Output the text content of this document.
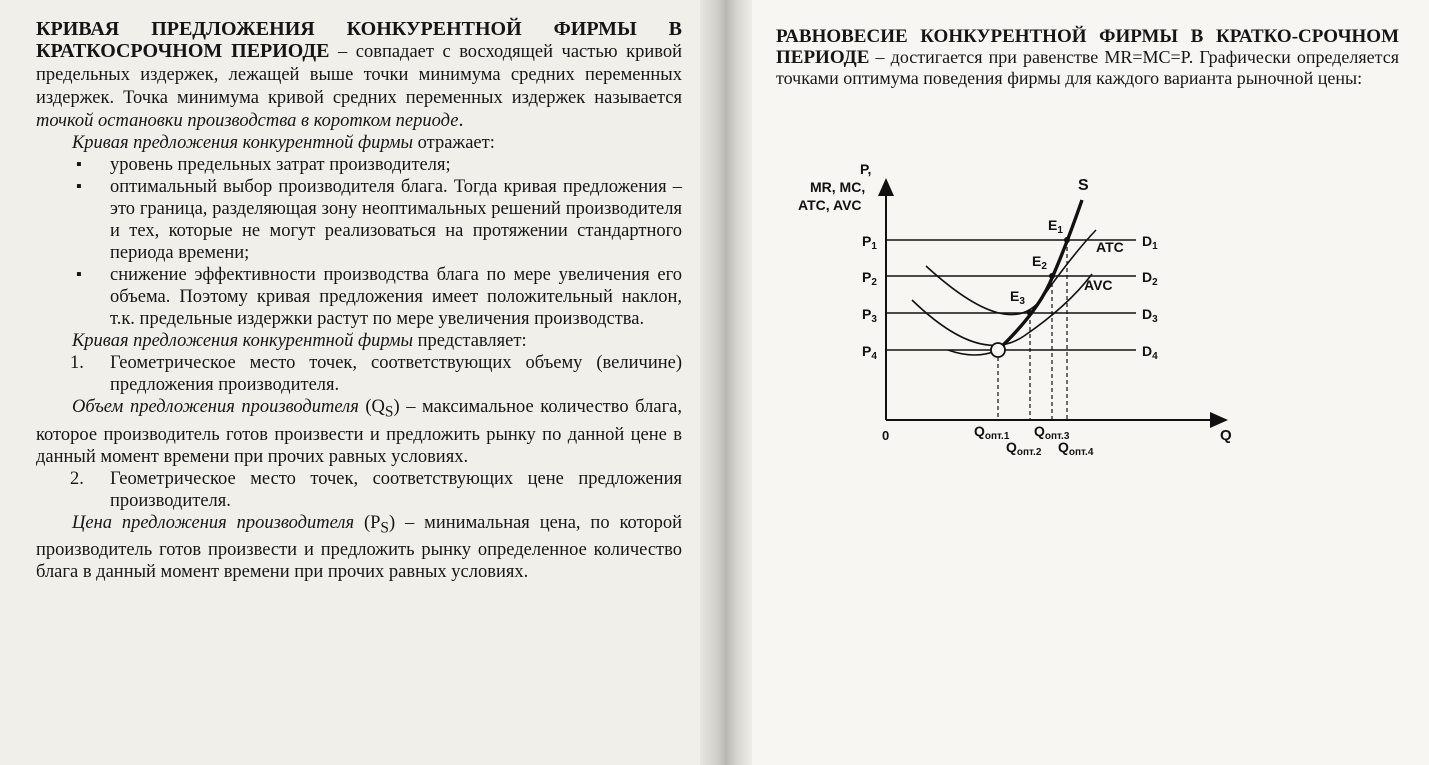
КРИВАЯ ПРЕДЛОЖЕНИЯ КОНКУРЕНТНОЙ ФИРМЫ В КРАТКОСРОЧНОМ ПЕРИОДЕ – совпадает с восходящей частью кривой предельных издержек, лежащей выше точки минимума средних переменных издержек. Точка минимума кривой средних переменных издержек называется точкой остановки производства в коротком периоде.

Кривая предложения конкурентной фирмы отражает:

▪ уровень предельных затрат производителя;
▪ оптимальный выбор производителя блага. Тогда кривая предложения – это граница, разделяющая зону неоптимальных решений производителя и тех, которые не могут реализоваться на протяжении стандартного периода времени;
▪ снижение эффективности производства блага по мере увеличения его объема. Поэтому кривая предложения имеет положительный наклон, т.к. предельные издержки растут по мере увеличения производства.

Кривая предложения конкурентной фирмы представляет:

1. Геометрическое место точек, соответствующих объему (величине) предложения производителя.

Объем предложения производителя $(Q_S)$ – максимальное количество блага, которое производитель готов произвести и предложить рынку по данной цене в данный момент времени при прочих равных условиях.

2. Геометрическое место точек, соответствующих цене предложения производителя.

Цена предложения производителя $(P_S)$ – минимальная цена, по которой производитель готов произвести и предложить рынку определенное количество блага в данный момент времени при прочих равных условиях.

РАВНОВЕСИЕ КОНКУРЕНТНОЙ ФИРМЫ В КРАТКО-СРОЧНОМ ПЕРИОДЕ – достигается при равенстве MR=MC=P. Графически определяется точками оптимума поведения фирмы для каждого варианта рыночной цены:

P,
MR, MC,
ATC, AVC
Q
0
$P_1$
$P_2$
$P_3$
$P_4$
$D_1$
$D_2$
$D_3$
$D_4$
ATC
AVC
S
$E_1$
$E_2$
$E_3$
$Q_{опт.1}$ $Q_{опт.3}$
$Q_{опт.2}$ $Q_{опт.4}$
